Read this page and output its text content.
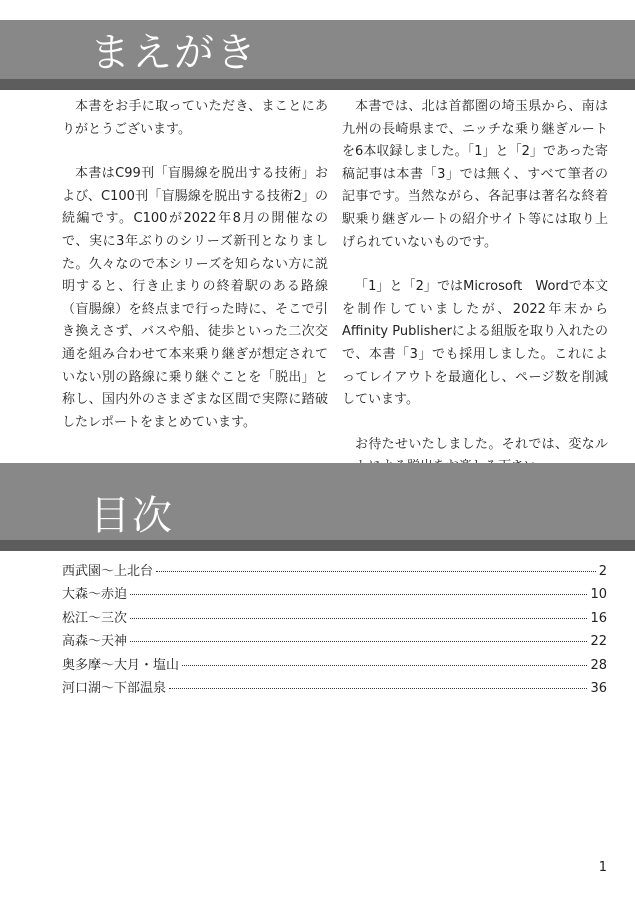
まえがき

本書をお手に取っていただき、まことにありがとうございます。

本書はC99刊「盲腸線を脱出する技術」および、C100刊「盲腸線を脱出する技術2」の続編です。C100が2022年8月の開催なので、実に3年ぶりのシリーズ新刊となりました。久々なので本シリーズを知らない方に説明すると、行き止まりの終着駅のある路線（盲腸線）を終点まで行った時に、そこで引き換えさず、バスや船、徒歩といった二次交通を組み合わせて本来乗り継ぎが想定されていない別の路線に乗り継ぐことを「脱出」と称し、国内外のさまざまな区間で実際に踏破したレポートをまとめています。

本書では、北は首都圏の埼玉県から、南は九州の長崎県まで、ニッチな乗り継ぎルートを6本収録しました。「1」と「2」であった寄稿記事は本書「3」では無く、すべて筆者の記事です。当然ながら、各記事は著名な終着駅乗り継ぎルートの紹介サイト等には取り上げられていないものです。

「1」と「2」ではMicrosoft　Wordで本文を制作していましたが、2022年末からAffinity Publisherによる組版を取り入れたので、本書「3」でも採用しました。これによってレイアウトを最適化し、ページ数を削減しています。

お待たせいたしました。それでは、変なル

目次
西武園～上北台	2
大森～赤迫	10
松江～三次	16
高森～天神	22
奥多摩～大月・塩山	28
河口湖～下部温泉	36
1
